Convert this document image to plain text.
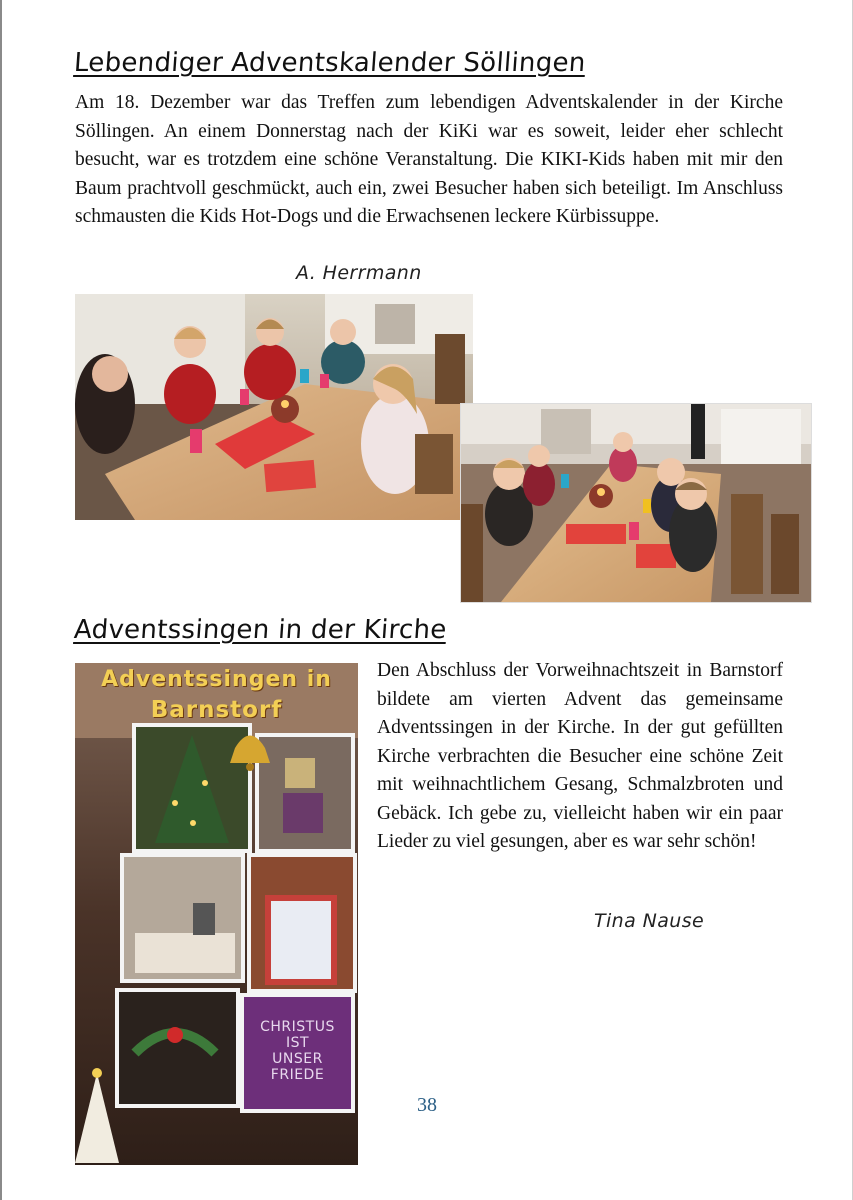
Lebendiger Adventskalender Söllingen
Am 18. Dezember war das Treffen zum lebendigen Adventskalender in der Kirche Söllingen. An einem Donnerstag nach der KiKi war es soweit, leider eher schlecht besucht, war es trotzdem eine schöne Veranstaltung. Die KIKI-Kids haben mit mir den Baum prachtvoll geschmückt, auch ein, zwei Besucher haben sich beteiligt. Im Anschluss schmausten die Kids Hot-Dogs und die Erwachsenen leckere Kürbissuppe.
A. Herrmann
Adventssingen in der Kirche
Den Abschluss der Vorweihnachtszeit in Barnstorf bildete am vierten Advent das gemeinsame Adventssingen in der Kirche. In der gut gefüllten Kirche verbrachten die Besucher eine schöne Zeit mit weihnachtlichem Gesang, Schmalzbroten und Gebäck. Ich gebe zu, vielleicht haben wir ein paar Lieder zu viel gesungen, aber es war sehr schön!
Tina Nause
Adventssingen in
Barnstorf
CHRISTUS
IST
UNSER
FRIEDE
38
